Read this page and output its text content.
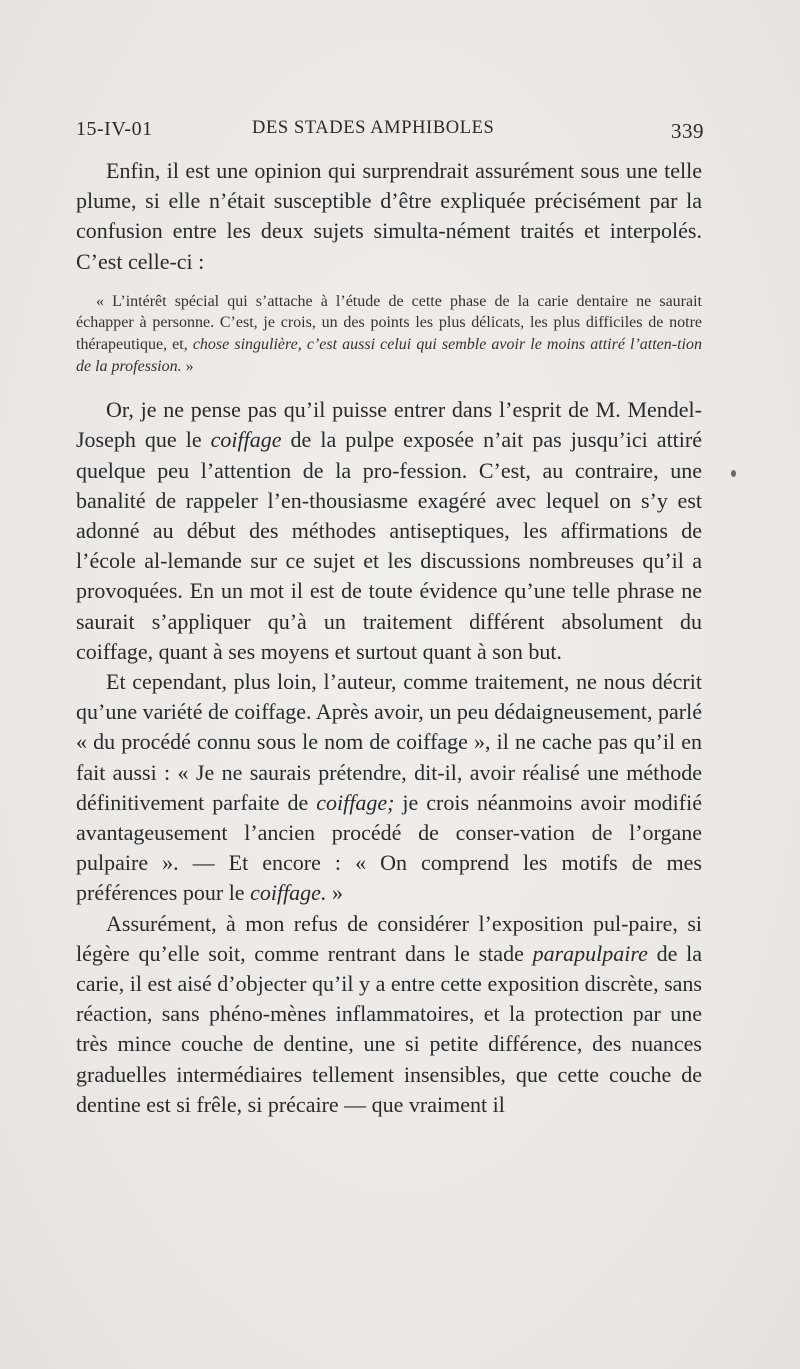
15-IV-01	DES STADES AMPHIBOLES	339

Enfin, il est une opinion qui surprendrait assurément sous une telle plume, si elle n’était susceptible d’être expliquée précisément par la confusion entre les deux sujets simulta-nément traités et interpolés. C’est celle-ci :

« L’intérêt spécial qui s’attache à l’étude de cette phase de la carie dentaire ne saurait échapper à personne. C’est, je crois, un des points les plus délicats, les plus difficiles de notre thérapeutique, et, chose singulière, c’est aussi celui qui semble avoir le moins attiré l’atten-tion de la profession. »

Or, je ne pense pas qu’il puisse entrer dans l’esprit de M. Mendel-Joseph que le coiffage de la pulpe exposée n’ait pas jusqu’ici attiré quelque peu l’attention de la pro-fession. C’est, au contraire, une banalité de rappeler l’en-thousiasme exagéré avec lequel on s’y est adonné au début des méthodes antiseptiques, les affirmations de l’école al-lemande sur ce sujet et les discussions nombreuses qu’il a provoquées. En un mot il est de toute évidence qu’une telle phrase ne saurait s’appliquer qu’à un traitement différent absolument du coiffage, quant à ses moyens et surtout quant à son but.

Et cependant, plus loin, l’auteur, comme traitement, ne nous décrit qu’une variété de coiffage. Après avoir, un peu dédaigneusement, parlé « du procédé connu sous le nom de coiffage », il ne cache pas qu’il en fait aussi : « Je ne saurais prétendre, dit-il, avoir réalisé une méthode définitivement parfaite de coiffage; je crois néanmoins avoir modifié avantageusement l’ancien procédé de conser-vation de l’organe pulpaire ». — Et encore : « On comprend les motifs de mes préférences pour le coiffage. »

Assurément, à mon refus de considérer l’exposition pul-paire, si légère qu’elle soit, comme rentrant dans le stade parapulpaire de la carie, il est aisé d’objecter qu’il y a entre cette exposition discrète, sans réaction, sans phéno-mènes inflammatoires, et la protection par une très mince couche de dentine, une si petite différence, des nuances graduelles intermédiaires tellement insensibles, que cette couche de dentine est si frêle, si précaire — que vraiment il
